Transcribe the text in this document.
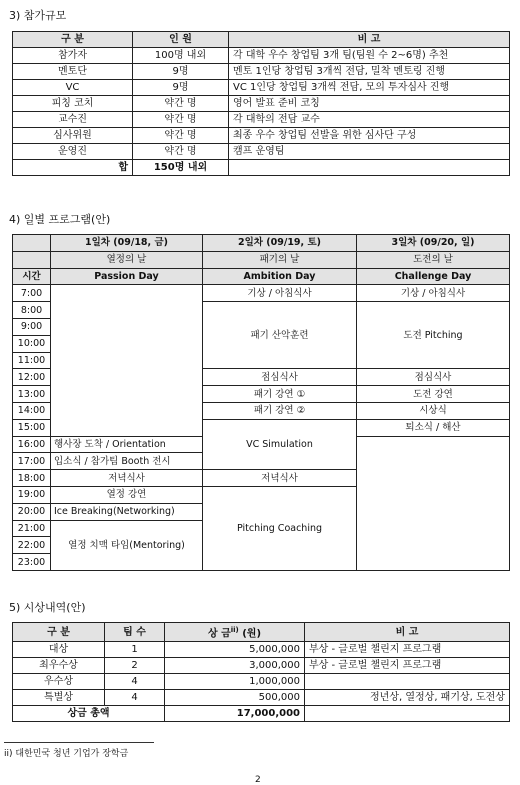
3) 참가규모
구 분	인 원	비 고
참가자	100명 내외	각 대학 우수 창업팀 3개 팀(팀원 수 2~6명) 추천
멘토단	9명	멘토 1인당 창업팀 3개씩 전담, 밀착 멘토링 진행
VC	9명	VC 1인당 창업팀 3개씩 전담, 모의 투자심사 진행
피칭 코치	약간 명	영어 발표 준비 코칭
교수진	약간 명	각 대학의 전담 교수
심사위원	약간 명	최종 우수 창업팀 선발을 위한 심사단 구성
운영진	약간 명	캠프 운영팀
합	150명 내외	
4) 일별 프로그램(안)
	1일차 (09/18, 금)	2일차 (09/19, 토)	3일차 (09/20, 일)
	열정의 날	패기의 날	도전의 날
시간	Passion Day	Ambition Day	Challenge Day
7:00		기상 / 아침식사	기상 / 아침식사
8:00		패기 산악훈련	도전 Pitching
9:00			
10:00			
11:00			
12:00		점심식사	점심식사
13:00		패기 강연 ①	도전 강연
14:00		패기 강연 ②	시상식
15:00		VC Simulation	퇴소식 / 해산
16:00	행사장 도착 / Orientation		
17:00	입소식 / 참가팀 Booth 전시		
18:00	저녁식사	저녁식사	
19:00	열정 강연	Pitching Coaching	
20:00	Ice Breaking(Networking)		
21:00	열정 치맥 타임(Mentoring)		
22:00			
23:00			
5) 시상내역(안)
구 분	팀 수	상 금$^{ii)}$ (원)	비 고
대상	1	5,000,000	부상 - 글로벌 챌린지 프로그램
최우수상	2	3,000,000	부상 - 글로벌 챌린지 프로그램
우수상	4	1,000,000	
특별상	4	500,000	정년상, 열정상, 패기상, 도전상
상금 총액		17,000,000	
ii) 대한민국 청년 기업가 장학금
2
